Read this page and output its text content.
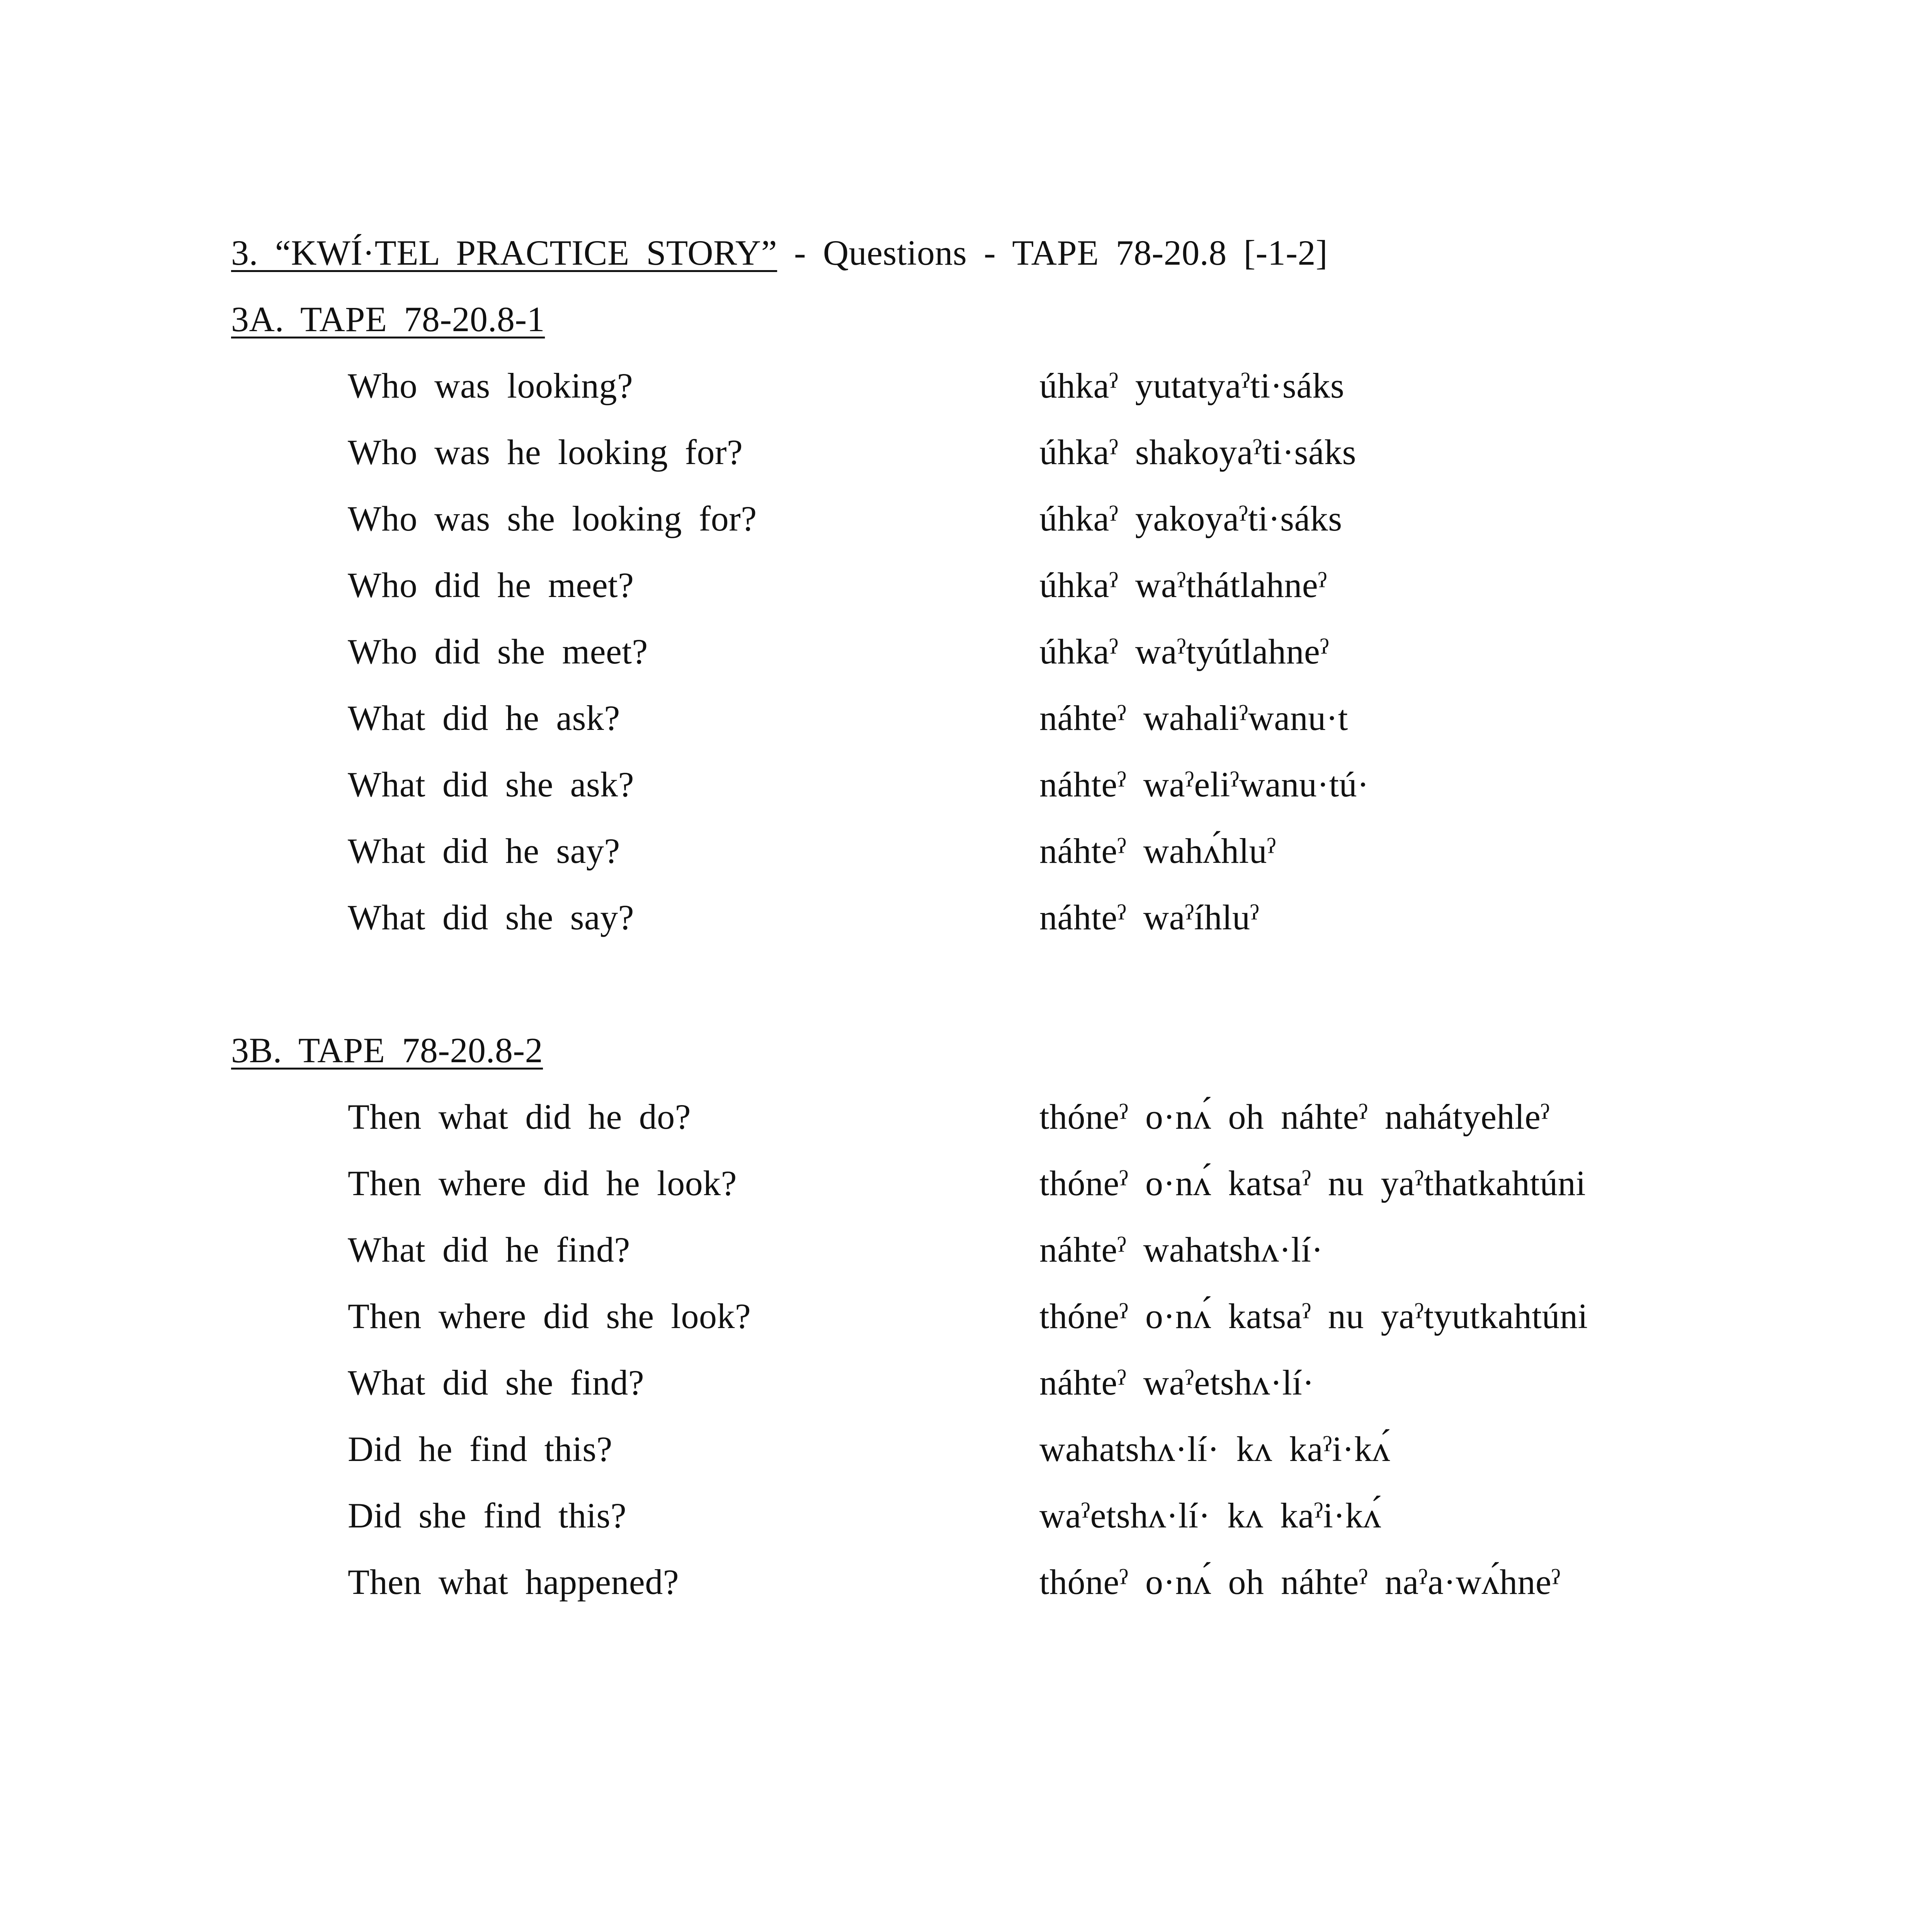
3. “KWÍ·TEL PRACTICE STORY” - Questions - TAPE 78-20.8 [-1-2]
3A. TAPE 78-20.8-1
Who was looking?	úhkaˀ yutatyaˀti·sáks
Who was he looking for?	úhkaˀ shakoyaˀti·sáks
Who was she looking for?	úhkaˀ yakoyaˀti·sáks
Who did he meet?	úhkaˀ waˀthátlahneˀ
Who did she meet?	úhkaˀ waˀtyútlahneˀ
What did he ask?	náhteˀ wahaliˀwanu·t
What did she ask?	náhteˀ waˀeliˀwanu·tú·
What did he say?	náhteˀ wahʌ́hluˀ
What did she say?	náhteˀ waˀíhluˀ
3B. TAPE 78-20.8-2
Then what did he do?	thóneˀ o·nʌ́ oh náhteˀ nahátyehleˀ
Then where did he look?	thóneˀ o·nʌ́ katsaˀ nu yaˀthatkahtúni
What did he find?	náhteˀ wahatshʌ·lí·
Then where did she look?	thóneˀ o·nʌ́ katsaˀ nu yaˀtyutkahtúni
What did she find?	náhteˀ waˀetshʌ·lí·
Did he find this?	wahatshʌ·lí· kʌ kaˀi·kʌ́
Did she find this?	waˀetshʌ·lí· kʌ kaˀi·kʌ́
Then what happened?	thóneˀ o·nʌ́ oh náhteˀ naˀa·wʌ́hneˀ
